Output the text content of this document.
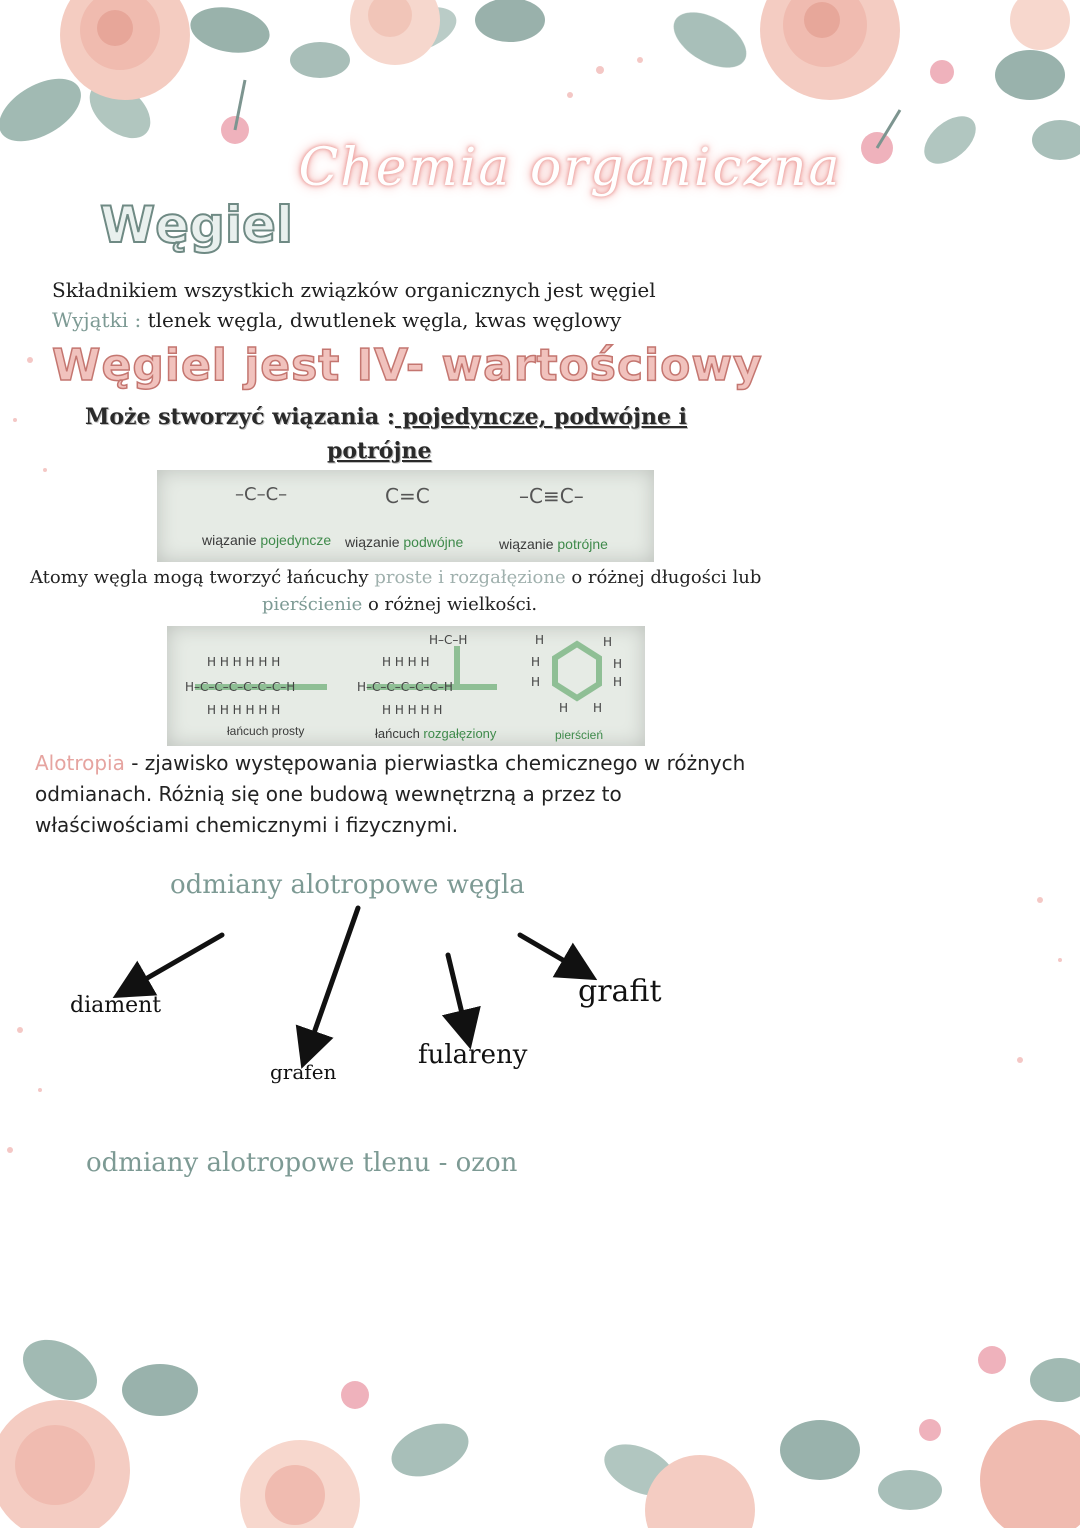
Chemia organiczna
Węgiel
Składnikiem wszystkich związków organicznych jest węgiel
Wyjątki : tlenek węgla, dwutlenek węgla, kwas węglowy
Węgiel jest IV- wartościowy
Może stworzyć wiązania : pojedyncze, podwójne i
potrójne
–C–C–	C=C	–C≡C–
wiązanie pojedyncze wiązanie podwójne	wiązanie potrójne
Atomy węgla mogą tworzyć łańcuchy proste i rozgałęzione o różnej długości lub
pierścienie o różnej wielkości.
H H H H H H
H–C–C–C–C–C–C–H
H H H H H H
H–C–H
H H H H
H–C–C–C–C–C–H
H H H H H
H	H
H	H
H	H
H H
łańcuch prosty	łańcuch rozgałęziony	pierścień
Alotropia - zjawisko występowania pierwiastka chemicznego w różnych
odmianach. Różnią się one budową wewnętrzną a przez to
właściwościami chemicznymi i fizycznymi.
odmiany alotropowe węgla
diament
grafen
fulareny
grafit
odmiany alotropowe tlenu - ozon
